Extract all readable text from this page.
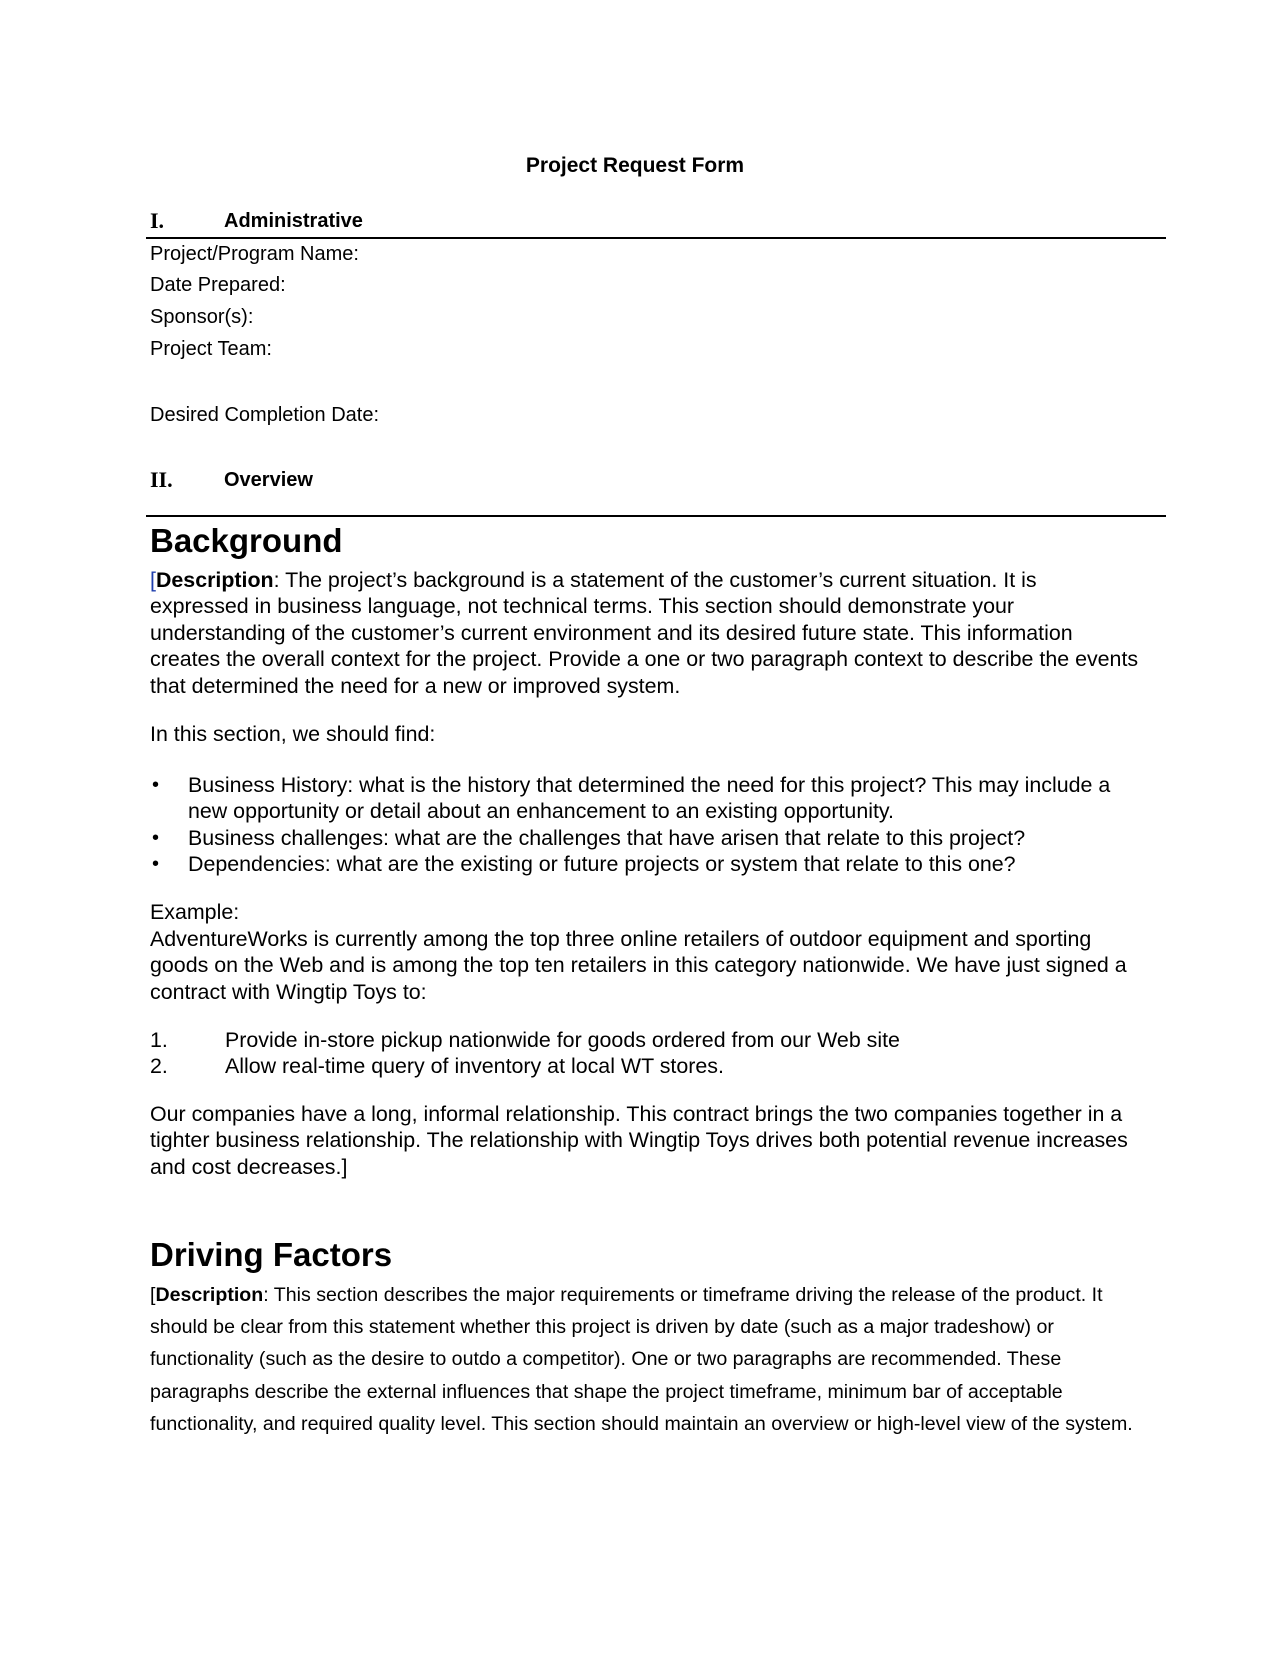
Project Request Form
I.	Administrative
Project/Program Name:
Date Prepared:
Sponsor(s):
Project Team:
Desired Completion Date:
II.	Overview
Background

[Description: The project’s background is a statement of the customer’s current situation. It is expressed in business language, not technical terms. This section should demonstrate your understanding of the customer’s current environment and its desired future state. This information creates the overall context for the project. Provide a one or two paragraph context to describe the events that determined the need for a new or improved system.

In this section, we should find:

• Business History: what is the history that determined the need for this project? This may include a new opportunity or detail about an enhancement to an existing opportunity.
• Business challenges: what are the challenges that have arisen that relate to this project?
• Dependencies: what are the existing or future projects or system that relate to this one?

Example:

AdventureWorks is currently among the top three online retailers of outdoor equipment and sporting goods on the Web and is among the top ten retailers in this category nationwide. We have just signed a contract with Wingtip Toys to:

1.	Provide in-store pickup nationwide for goods ordered from our Web site
2.	Allow real-time query of inventory at local WT stores.

Our companies have a long, informal relationship. This contract brings the two companies together in a tighter business relationship. The relationship with Wingtip Toys drives both potential revenue increases and cost decreases.]

Driving Factors

[Description: This section describes the major requirements or timeframe driving the release of the product. It should be clear from this statement whether this project is driven by date (such as a major tradeshow) or functionality (such as the desire to outdo a competitor). One or two paragraphs are recommended. These paragraphs describe the external influences that shape the project timeframe, minimum bar of acceptable functionality, and required quality level. This section should maintain an overview or high-level view of the system.
